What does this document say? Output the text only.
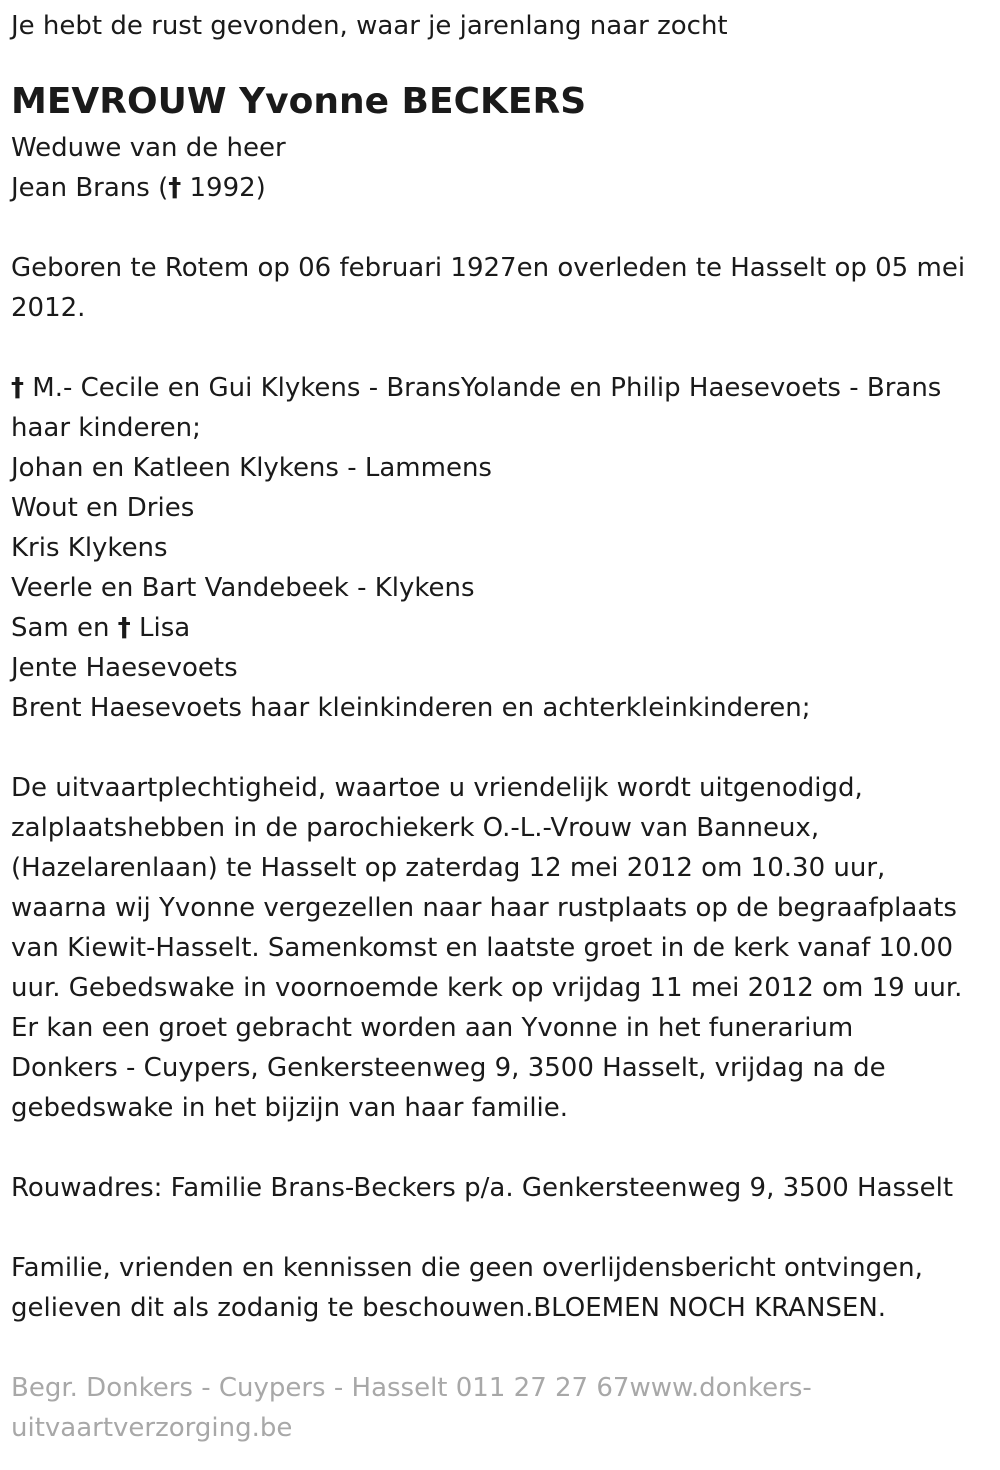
Je hebt de rust gevonden, waar je jarenlang naar zocht

MEVROUW Yvonne BECKERS

Weduwe van de heer

Jean Brans († 1992)

Geboren te Rotem op 06 februari 1927en overleden te Hasselt op 05 mei 2012.

† M.- Cecile en Gui Klykens - BransYolande en Philip Haesevoets - Brans haar kinderen;

Johan en Katleen Klykens - Lammens

Wout en Dries

Kris Klykens

Veerle en Bart Vandebeek - Klykens

Sam en † Lisa

Jente Haesevoets

Brent Haesevoets haar kleinkinderen en achterkleinkinderen;

De uitvaartplechtigheid, waartoe u vriendelijk wordt uitgenodigd,

zalplaatshebben in de parochiekerk O.-L.-Vrouw van Banneux,

(Hazelarenlaan) te Hasselt op zaterdag 12 mei 2012 om 10.30 uur,

waarna wij Yvonne vergezellen naar haar rustplaats op de begraafplaats

van Kiewit-Hasselt. Samenkomst en laatste groet in de kerk vanaf 10.00

uur. Gebedswake in voornoemde kerk op vrijdag 11 mei 2012 om 19 uur.

Er kan een groet gebracht worden aan Yvonne in het funerarium

Donkers - Cuypers, Genkersteenweg 9, 3500 Hasselt, vrijdag na de

gebedswake in het bijzijn van haar familie.

Rouwadres: Familie Brans-Beckers p/a. Genkersteenweg 9, 3500 Hasselt

Familie, vrienden en kennissen die geen overlijdensbericht ontvingen,

gelieven dit als zodanig te beschouwen.BLOEMEN NOCH KRANSEN.

Begr. Donkers - Cuypers - Hasselt 011 27 27 67www.donkers-

uitvaartverzorging.be
